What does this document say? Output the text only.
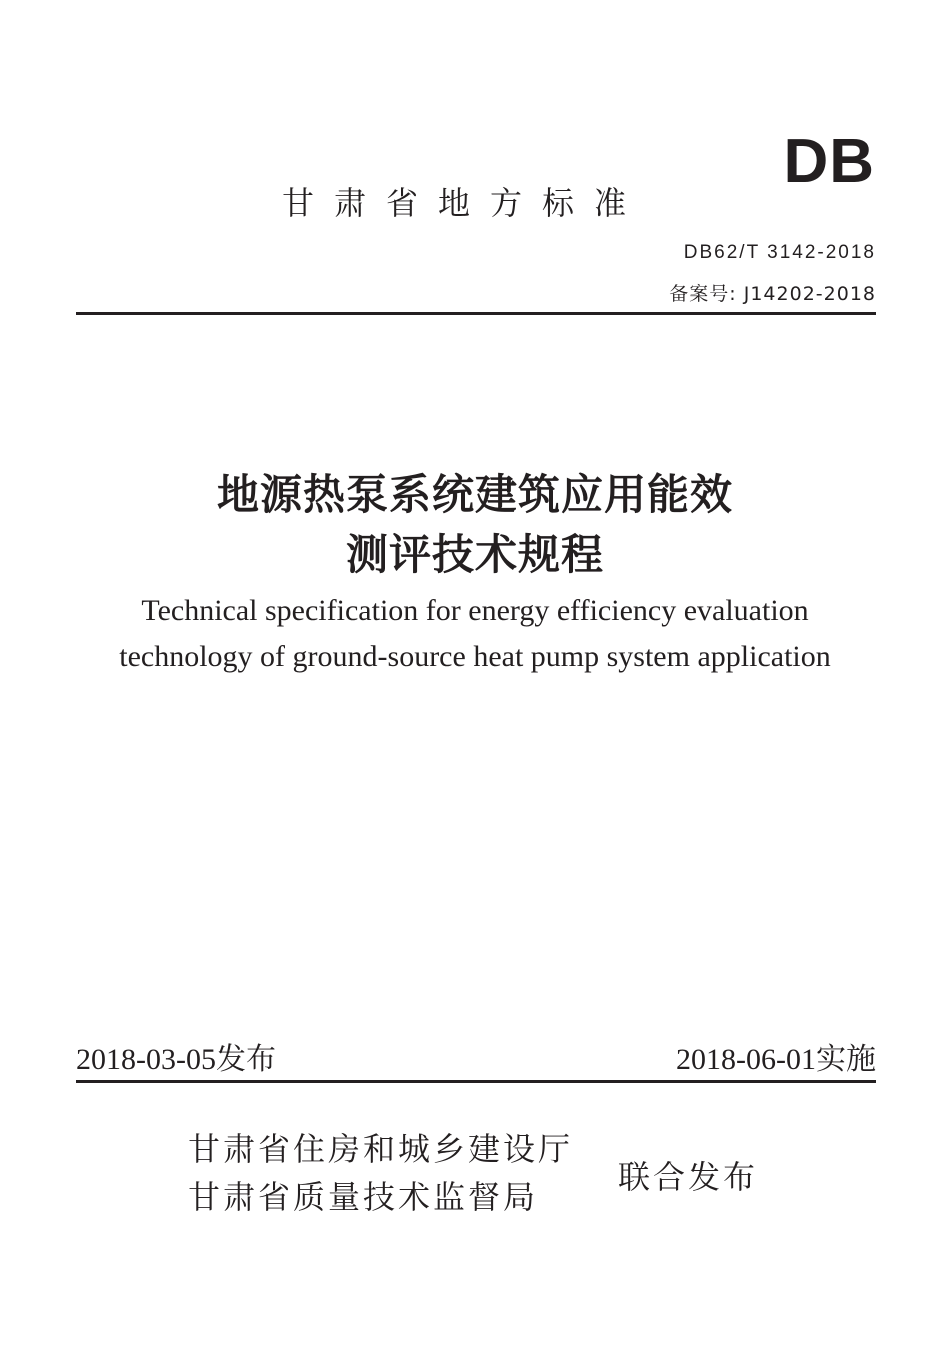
DB
甘肃省地方标准
DB62/T 3142-2018
备案号: J14202-2018
地源热泵系统建筑应用能效
测评技术规程
Technical specification for energy efficiency evaluation
technology of ground-source heat pump system application
2018-03-05发布	2018-06-01实施
甘肃省住房和城乡建设厅
甘肃省质量技术监督局
联合发布
